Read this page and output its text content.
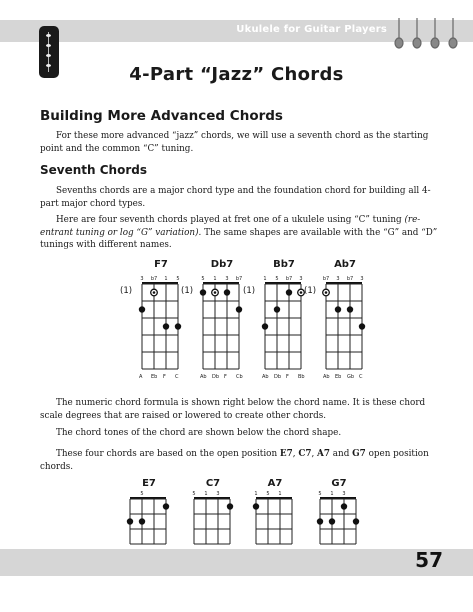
Ukulele for Guitar Players
4-Part “Jazz” Chords
Building More Advanced Chords

For these more advanced “jazz” chords, we will use a seventh chord as the starting point and the common “C” tuning.

Seventh Chords

Sevenths chords are a major chord type and the foundation chord for building all 4-part major chord types.

Here are four seventh chords played at fret one of a ukulele using “C” tuning (re-entrant tuning or log “G” variation). The same shapes are available with the “G” and “D” tunings with different names.

F7
(1)
3 b7 1 5
A Eb F C
Db7
(1)
5 1 3 b7
Ab Db F Cb
Bb7
(1)
1 5 b7 3
Ab Db F Bb
Ab7
(1)
b7 3 b7 3
Ab Eb Gb C

The numeric chord formula is shown right below the chord name. It is these chord scale degrees that are raised or lowered to create other chords.

The chord tones of the chord are shown below the chord shape.

These four chords are based on the open position E7, C7, A7 and G7 open position chords.

E7
5
C7
5 1 3
A7
1 5 1
G7
5 1 3
57
